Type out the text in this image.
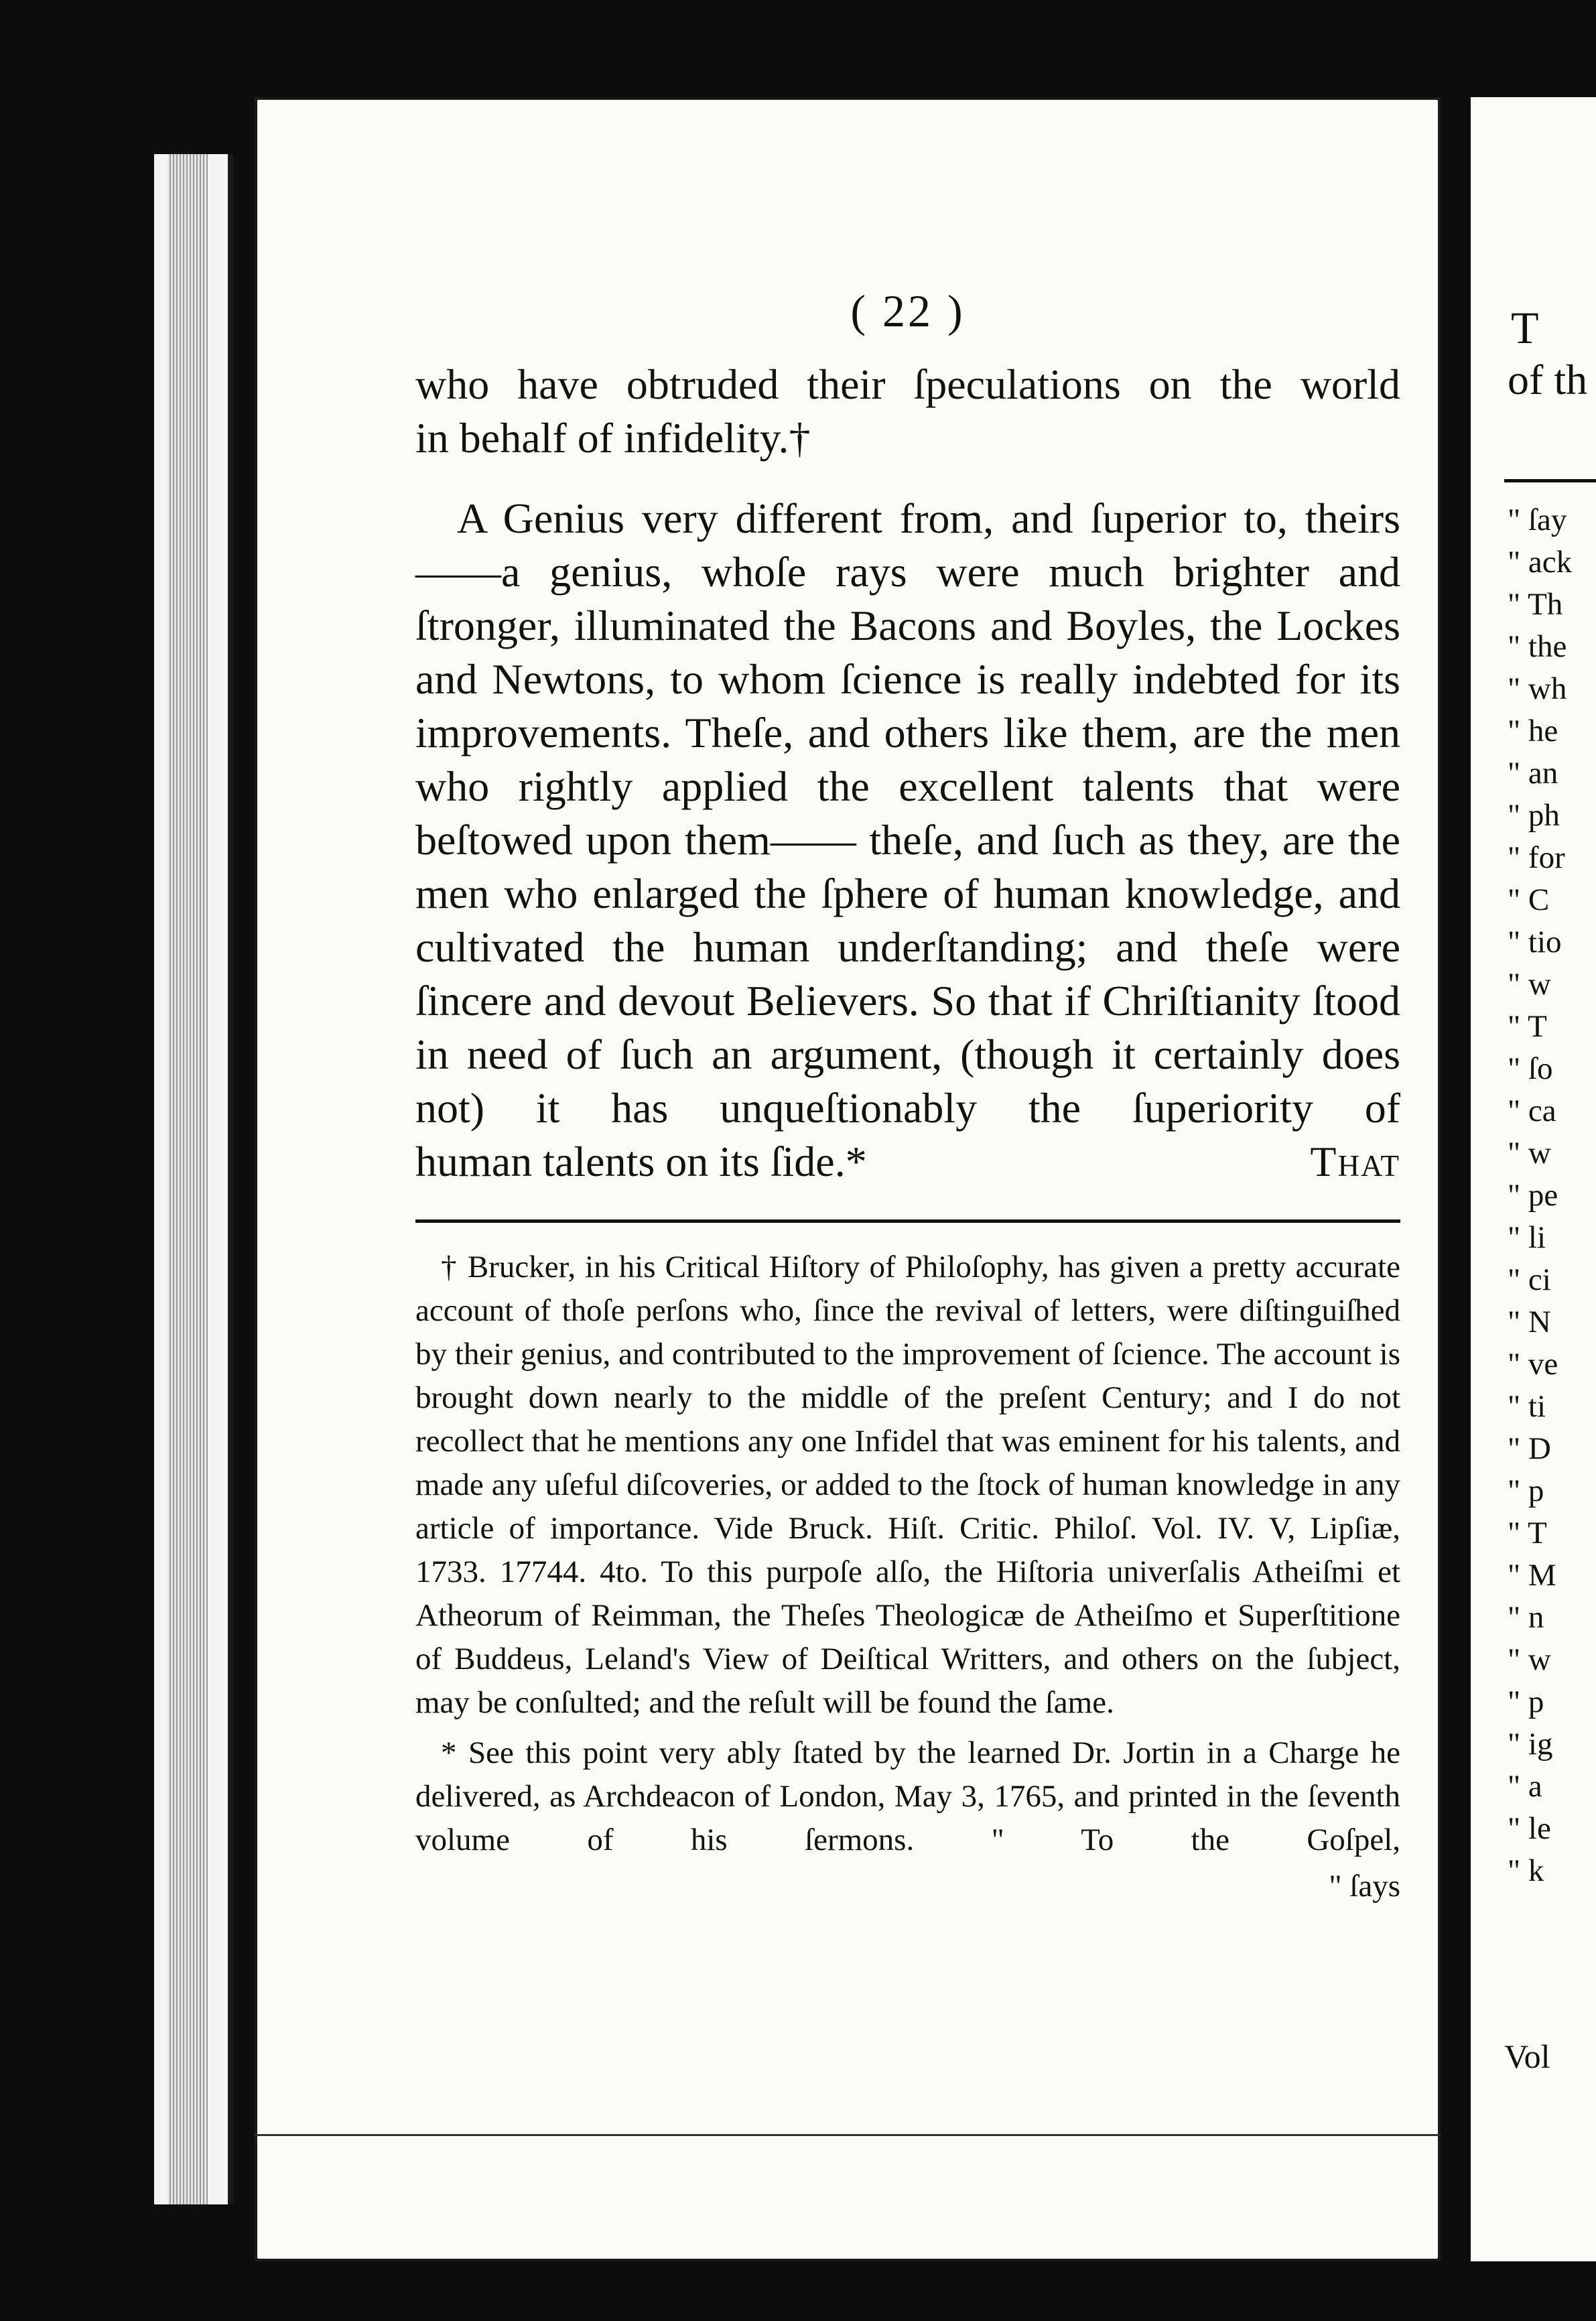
( 22 )

who have obtruded their ſpeculations on the world

in behalf of infidelity.†

A Genius very different from, and ſuperior to, theirs——a genius, whoſe rays were much brighter and ſtronger, illuminated the Bacons and Boyles, the Lockes and Newtons, to whom ſcience is really indebted for its improvements. Theſe, and others like them, are the men who rightly applied the excellent talents that were beſtowed upon them—— theſe, and ſuch as they, are the men who enlarged the ſphere of human knowledge, and cultivated the human underſtanding; and theſe were ſincere and devout Believers. So that if Chriſtianity ſtood in need of ſuch an argument, (though it certainly does not) it has unqueſtionably the ſuperiority of

human talents on its ſide.*	That

† Brucker, in his Critical Hiſtory of Philoſophy, has given a pretty accurate account of thoſe perſons who, ſince the revival of letters, were diſtinguiſhed by their genius, and contributed to the improvement of ſcience. The account is brought down nearly to the middle of the preſent Century; and I do not recollect that he mentions any one Infidel that was eminent for his talents, and made any uſeful diſcoveries, or added to the ſtock of human knowledge in any article of importance. Vide Bruck. Hiſt. Critic. Philoſ. Vol. IV. V, Lipſiæ, 1733. 17744. 4to. To this purpoſe alſo, the Hiſtoria univerſalis Atheiſmi et Atheorum of Reimman, the Theſes Theologicæ de Atheiſmo et Superſtitione of Buddeus, Leland's View of Deiſtical Writters, and others on the ſubject, may be conſulted; and the reſult will be found the ſame.

* See this point very ably ſtated by the learned Dr. Jortin in a Charge he delivered, as Archdeacon of London, May 3, 1765, and printed in the ſeventh volume of his ſermons. " To the Goſpel,

" ſays
T
of th
" ſay
" ack
" Th
" the
" wh
" he
" an
" ph
" for
" C
" tio
" w
" T
" ſo
" ca
" w
" pe
" li
" ci
" N
" ve
" ti
" D
" p
" T
" M
" n
" w
" p
" ig
" a
" le
" k
Vol
